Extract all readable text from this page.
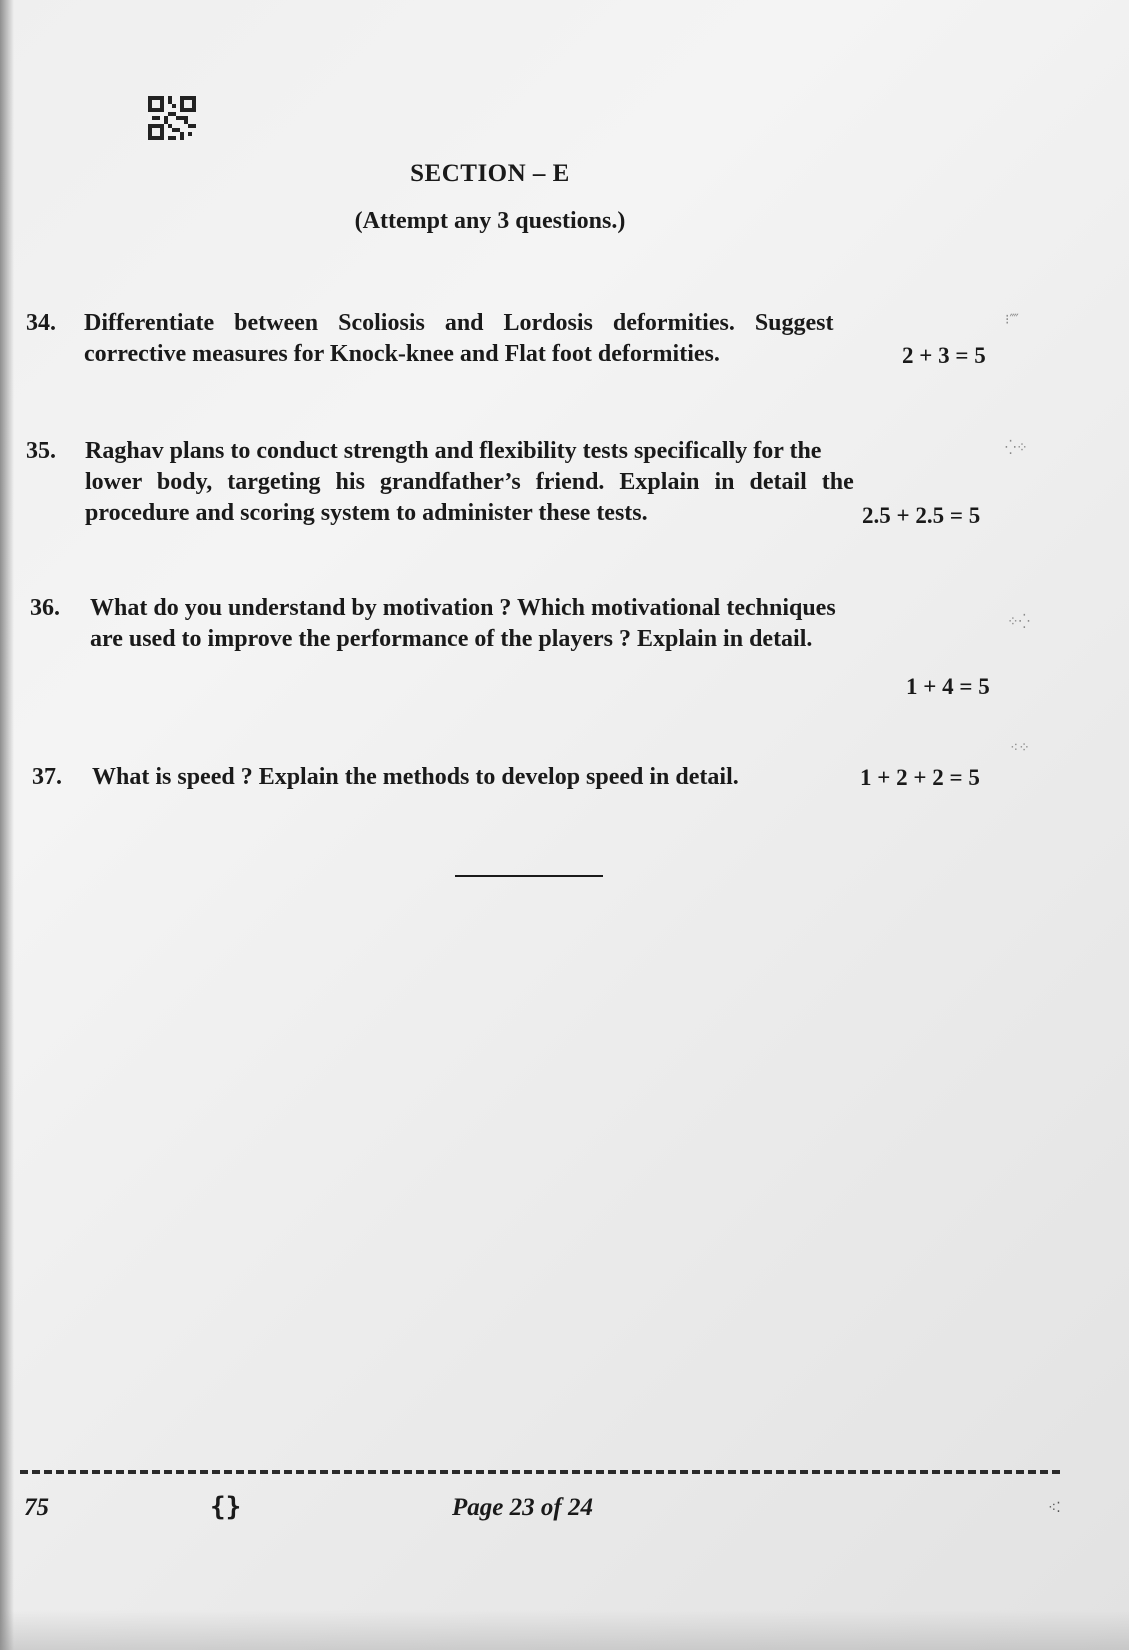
SECTION – E
(Attempt any 3 questions.)
34. Differentiate between Scoliosis and Lordosis deformities. Suggest
corrective measures for Knock-knee and Flat foot deformities.	2 + 3 = 5
⁝⁗
35. Raghav plans to conduct strength and flexibility tests specifically for the
lower body, targeting his grandfather’s friend. Explain in detail the
procedure and scoring system to administer these tests.	2.5 + 2.5 = 5
⁛⁘
36. What do you understand by motivation ? Which motivational techniques
are used to improve the performance of the players ? Explain in detail.
1 + 4 = 5
⁘⁛
37. What is speed ? Explain the methods to develop speed in detail.	1 + 2 + 2 = 5
⁖⁘
75	{}	Page 23 of 24	⁖⁚
